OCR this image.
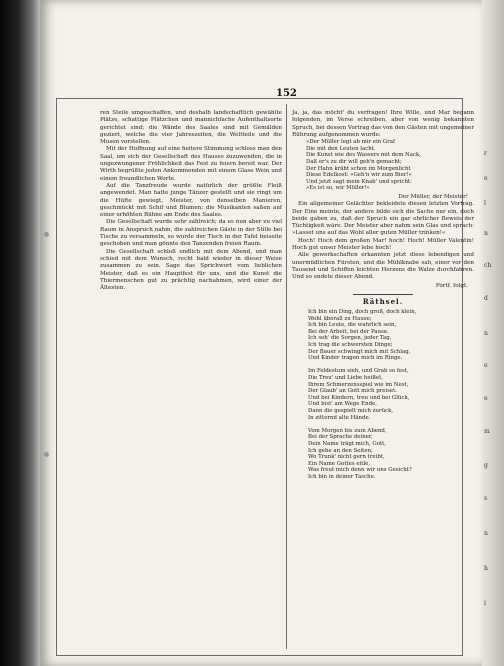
r
e
l
n
ch
d
n
e
e
m
g
s
n
h
i
152

ren Steile umgeschaffen, und deshalb landschaftlich gewählte Plätze, schattige Plätzchen und mannichfache Aufenthaltsorte gerichtet sind; die Wände des Saales sind mit Gemälden geziert, welche die vier Jahreszeiten, die Weltteile und die Musen vorstellen.

Mit der Hoffnung auf eine heitere Stimmung schloss man den Saal, um sich der Gesellschaft des Hauses zuzuwenden, die in ungezwungener Fröhlichkeit das Fest zu feiern bereit war. Der Wirth begrüßte jeden Ankommenden mit einem Glase Wein und einem freundlichen Worte.

Auf die Tanzfreude wurde natürlich der größte Fleiß angewendet. Man hatte junge Tänzer gestellt und sie ringt um die Hüfte gewiegt, Meister, von denselben Manieren, geschmückt mit Schif und Blumen; die Musikanten saßen auf einer erhöhten Bühne am Ende des Saales.

Die Gesellschaft wurde sehr zahlreich; da es nun aber zu viel Raum in Anspruch nahm, die zahlreichen Gäste in der Stille bei Tische zu versammeln, so wurde der Tisch in der Tafel beiseite geschoben und man gönnte den Tanzenden freien Raum.

Die Gesellschaft schloß endlich mit dem Abend, und man schied mit dem Wunsch, recht bald wieder in dieser Weise zusammen zu sein. Sage das Sprichwort vom lieblichen Meister, daß es ein Hauptfest für uns, und die Kunst die Thiermenschen gut zu prächtig nachahmen, wird einer der Ältesten.

Ja, ja, das möcht' du verfragen! Ihre Wille, und Mar begann folgenden, im Verse schreiben, aber von wenig bekannten Spruch, bei dessen Vortrag das von den Gästen mit ungemeiner Rührung aufgenommen wurde:

»Der Müller legt ab mir ein Graf
Die mit den Leuten lacht.
Die Kunst wie des Wassers mit dem Nack,
Daß er's zu dir will geh'n gemacht;
Der Hahn kräht schon im Morgenlicht
Diese Edelkost: »Geh'n wir zum Bier!«
Und jetzt sagt mein Knab' und spricht:
»Es ist so, wir Müller!«
Der Müller, der Meister!

Ein allgemeiner Gelächter bekleidete diesen letzten Vortrag. Der Eine meinte, der andere bilde sich die Sache nur ein, doch beide gaben zu, daß der Spruch ein gar ehrlicher Beweis der Tüchtigkeit wäre. Der Meister aber nahm sein Glas und sprach: »Lasset uns auf das Wohl aller guten Müller trinken!«

Hoch! Hoch dem großen Mar! hoch! Hoch! Müller Valentin! Hoch gut unser Meister lebe hoch!

Alle gewerkschaften erkannten jetzt diese lebendigen und unermüdlichen Fürsten, und die Mühlknabe sah, einer vor den Tausend und Schiffen leichten Herzens die Walze durchfahren. Und so endete dieser Abend.

Fortf. folgt.
Räthsel.
Ich bin ein Ding, doch groß, doch klein,
Wohl überall zu Hause;
Ich bin Leute, die wahrlich sein,
Bei der Arbeit, bei der Pause.
Ich seh' die Sorgen, jeder Tag,
Ich trag die schwersten Dinge;
Der Bauer schwingt mich mit Schlag,
Und Kinder tragen mich im Ringe.

Im Feldestum sieh, und Grab so fest,
Die Treu' und Liebe heißet,
Ihrem Schmerzensspiel wie im Nest,
Der Glaub' an Gott mich preiset.
Und bei Kindern, treu und bei Glück,
Und bist' am Wege Ende,
Dann die gespielt mich zurück,
In zitternd alte Hände.

Vom Morgen bis zum Abend,
Bei der Sprache deiner,
Dein Name trägt mich, Gott,
Ich gehe an den Seiten;
Wo Trunk' nicht gern treibt,
Ein Name Gottes eitle,
Was freut mich denn wir uns Gesicht?
Ich bin in deiner Tasche.
